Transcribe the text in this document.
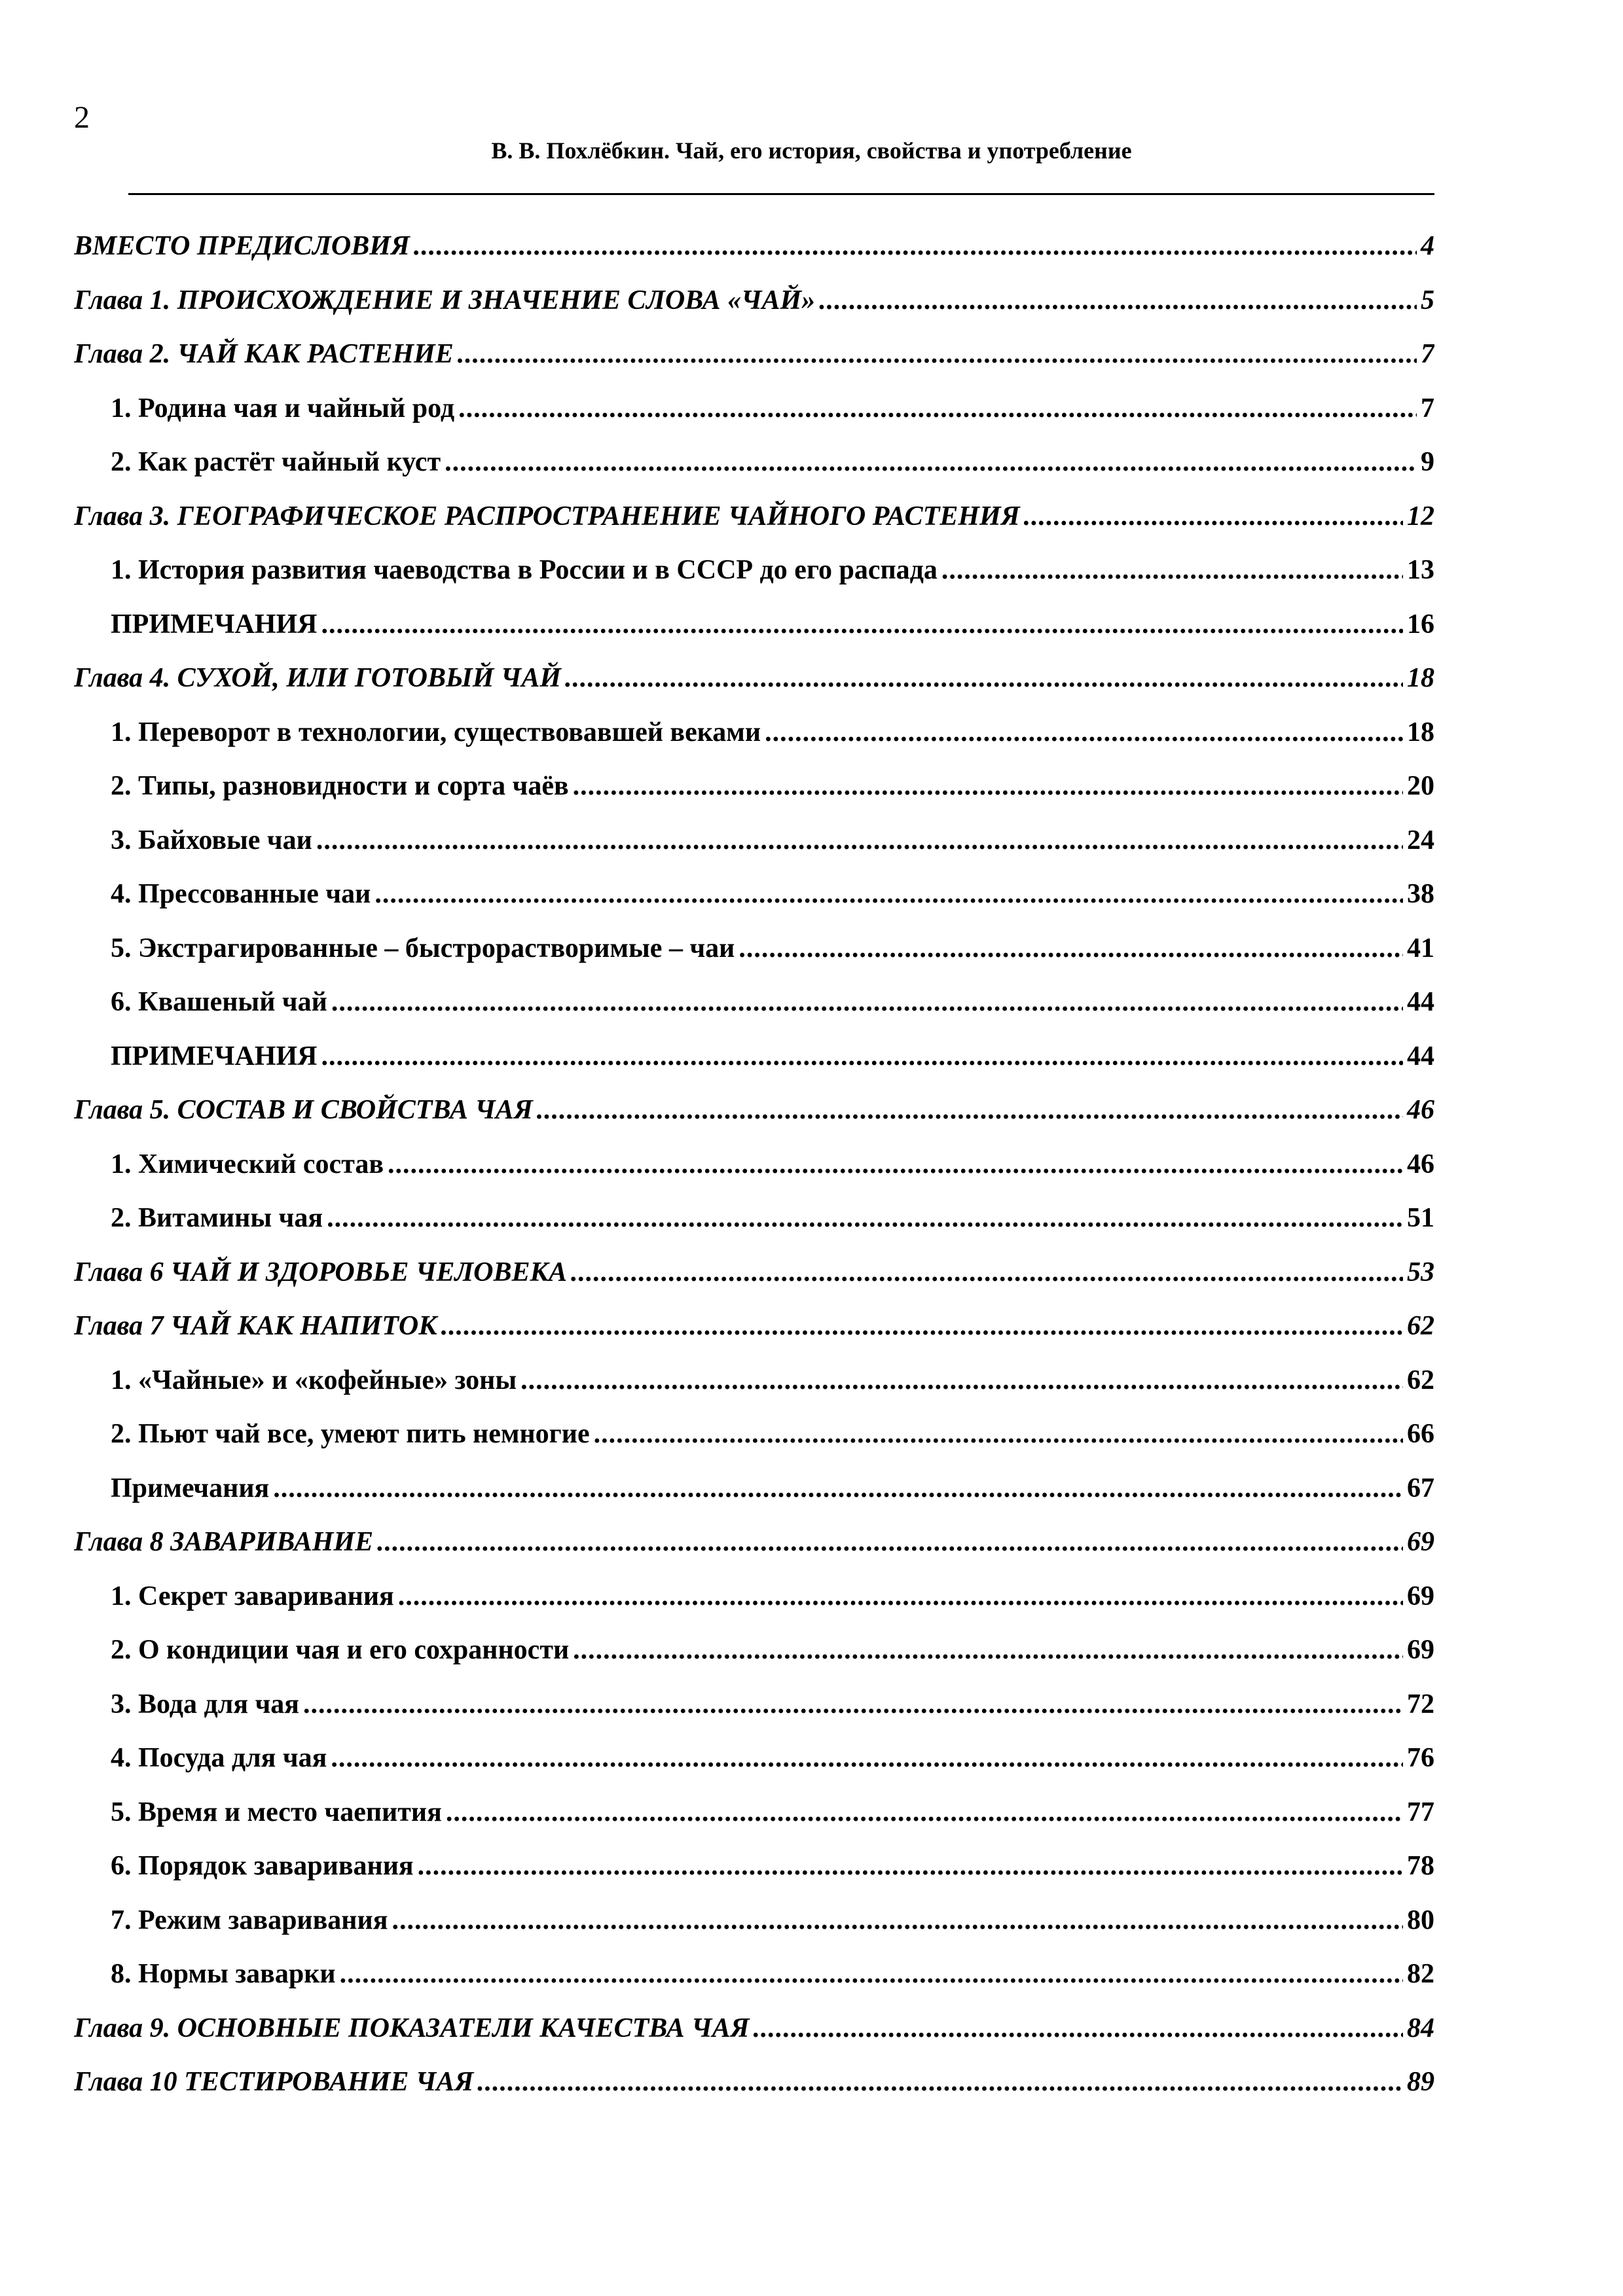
2
В. В. Похлёбкин. Чай, его история, свойства и употребление
ВМЕСТО ПРЕДИСЛОВИЯ .....	4
Глава 1. ПРОИСХОЖДЕНИЕ И ЗНАЧЕНИЕ СЛОВА «ЧАЙ» .....	5
Глава 2. ЧАЙ КАК РАСТЕНИЕ .....	7
1. Родина чая и чайный род .....	7
2. Как растёт чайный куст .....	9
Глава 3. ГЕОГРАФИЧЕСКОЕ РАСПРОСТРАНЕНИЕ ЧАЙНОГО РАСТЕНИЯ .....	12
1. История развития чаеводства в России и в СССР до его распада .....	13
ПРИМЕЧАНИЯ .....	16
Глава 4. СУХОЙ, ИЛИ ГОТОВЫЙ ЧАЙ .....	18
1. Переворот в технологии, существовавшей веками .....	18
2. Типы, разновидности и сорта чаёв .....	20
3. Байховые чаи .....	24
4. Прессованные чаи .....	38
5. Экстрагированные – быстрорастворимые – чаи .....	41
6. Квашеный чай .....	44
ПРИМЕЧАНИЯ .....	44
Глава 5. СОСТАВ И СВОЙСТВА ЧАЯ .....	46
1. Химический состав .....	46
2. Витамины чая .....	51
Глава 6 ЧАЙ И ЗДОРОВЬЕ ЧЕЛОВЕКА .....	53
Глава 7 ЧАЙ КАК НАПИТОК .....	62
1. «Чайные» и «кофейные» зоны .....	62
2. Пьют чай все, умеют пить немногие .....	66
Примечания .....	67
Глава 8 ЗАВАРИВАНИЕ .....	69
1. Секрет заваривания .....	69
2. О кондиции чая и его сохранности .....	69
3. Вода для чая .....	72
4. Посуда для чая .....	76
5. Время и место чаепития .....	77
6. Порядок заваривания .....	78
7. Режим заваривания .....	80
8. Нормы заварки .....	82
Глава 9. ОСНОВНЫЕ ПОКАЗАТЕЛИ КАЧЕСТВА ЧАЯ .....	84
Глава 10 ТЕСТИРОВАНИЕ ЧАЯ .....	89
